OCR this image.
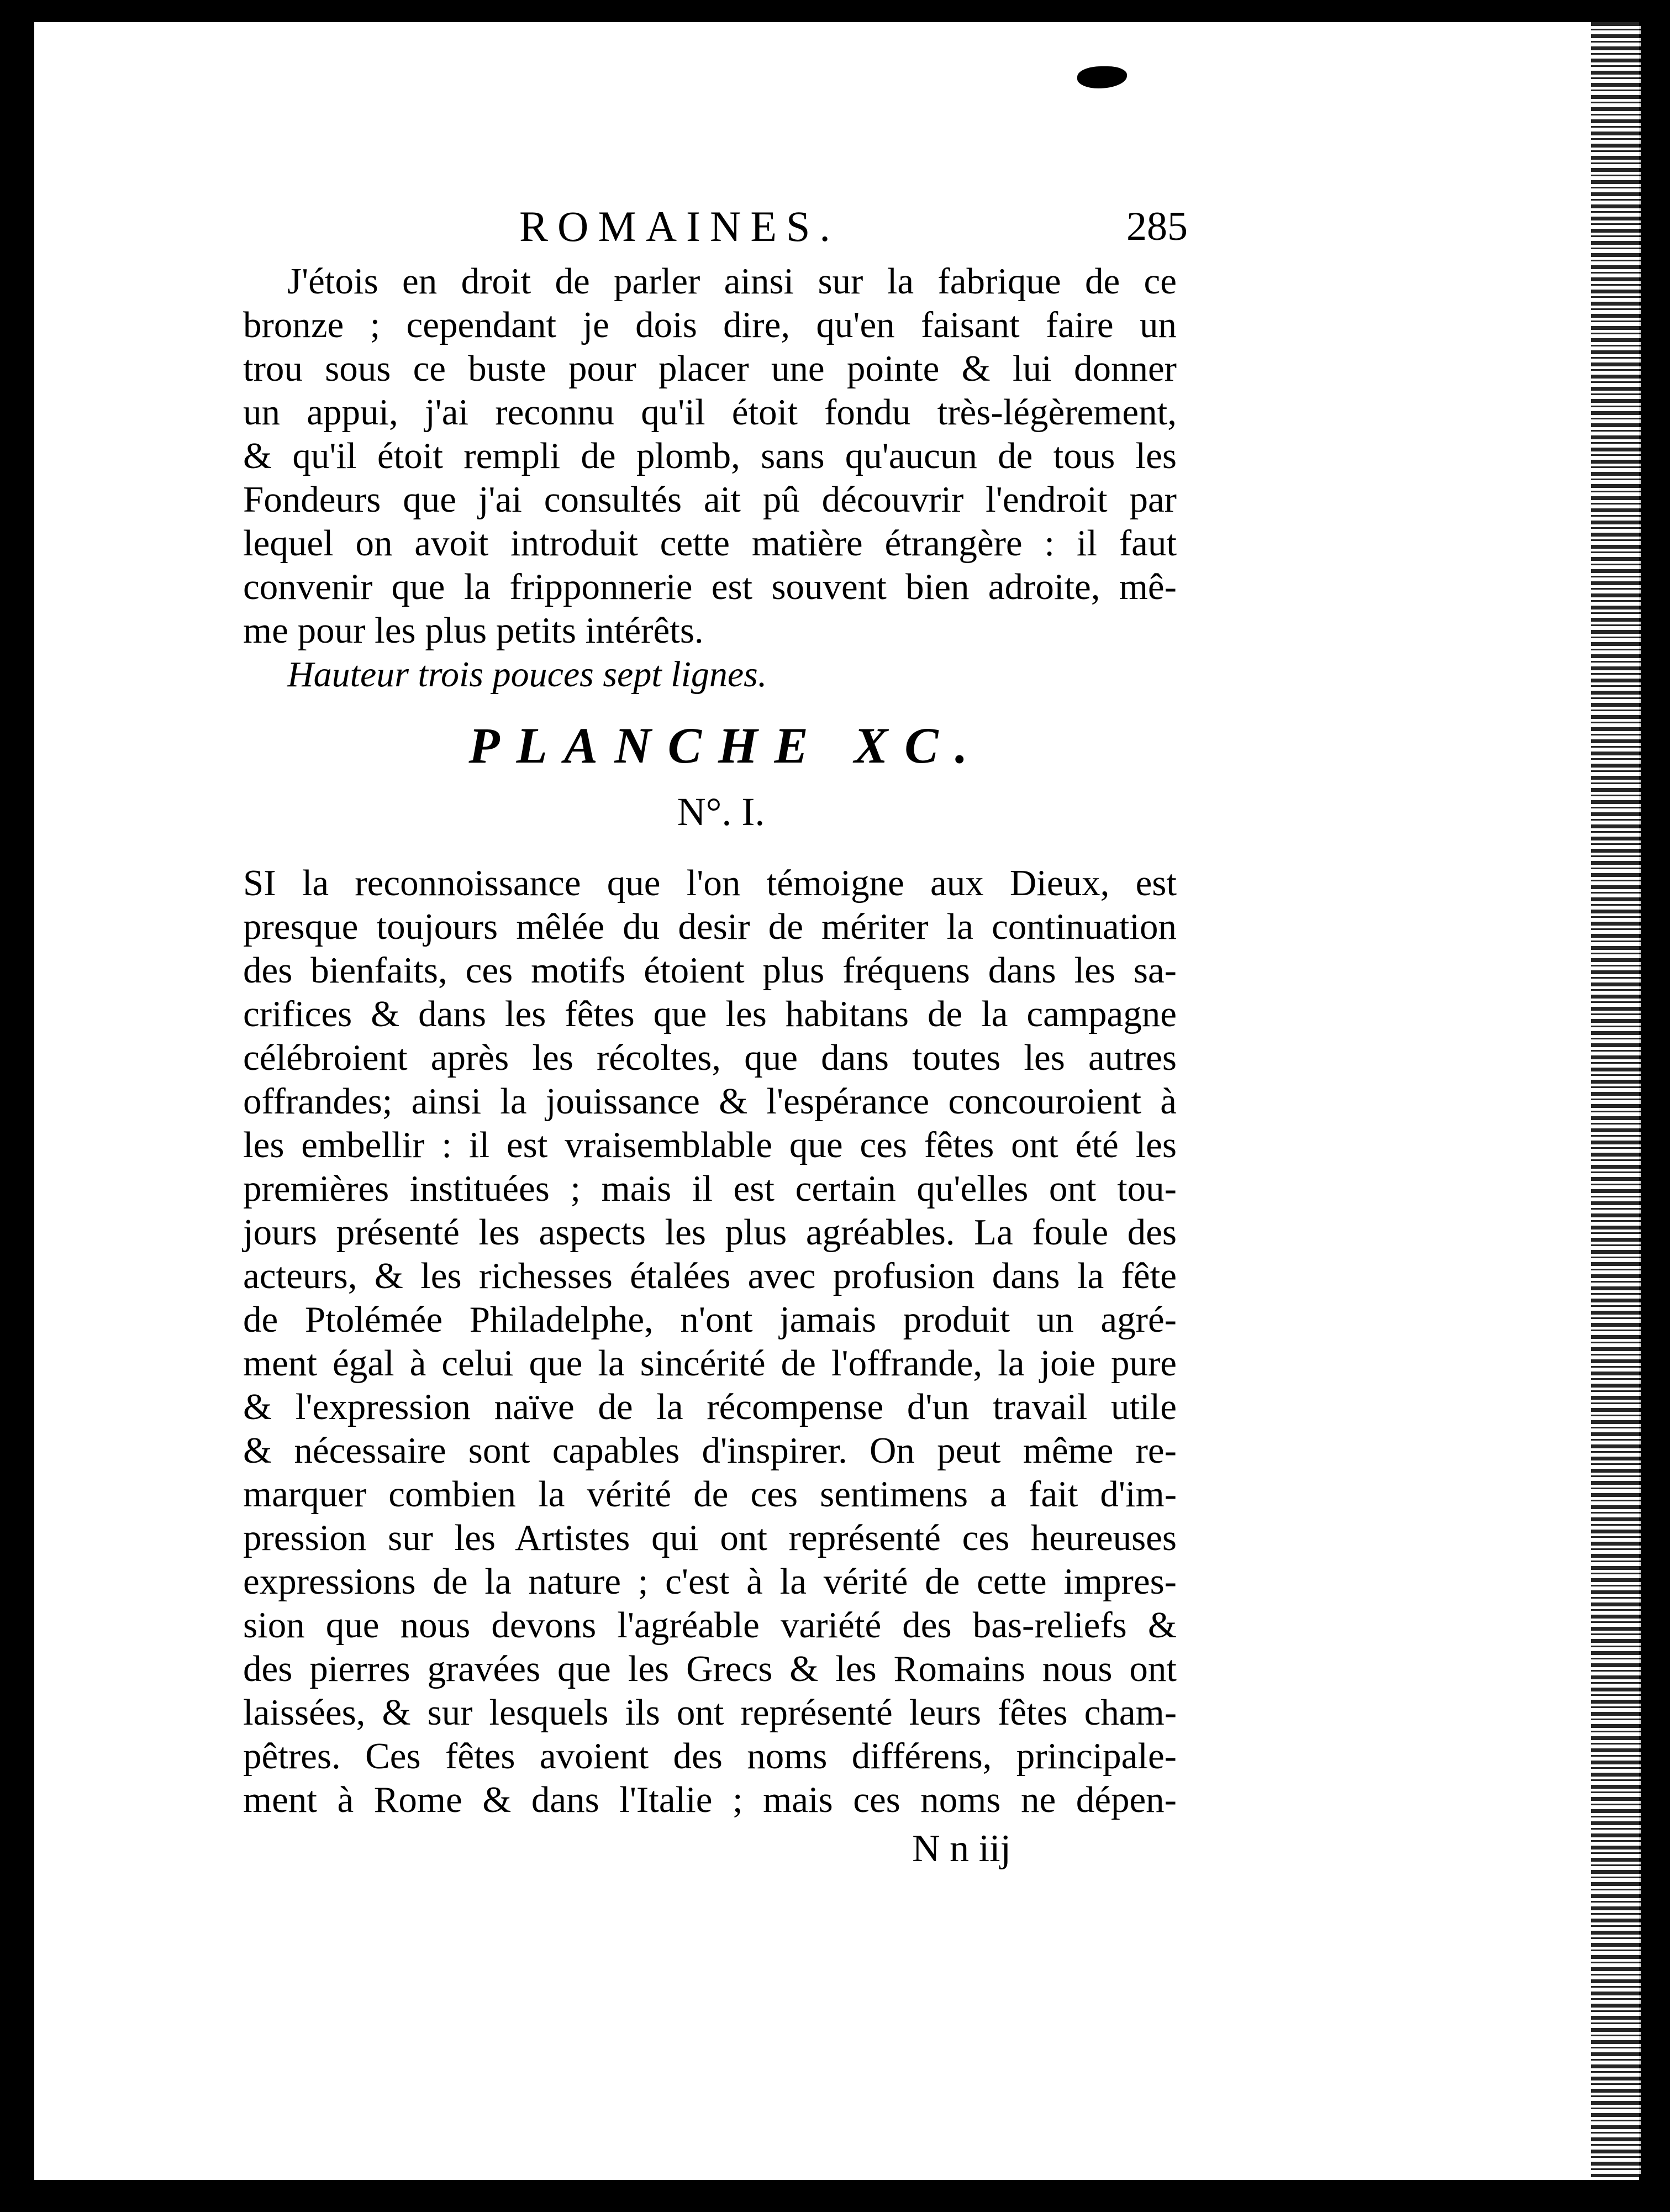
ROMAINES.	285

J'étois en droit de parler ainsi sur la fabrique de ce
bronze ; cependant je dois dire, qu'en faisant faire un
trou sous ce buste pour placer une pointe & lui donner
un appui, j'ai reconnu qu'il étoit fondu très-légèrement,
& qu'il étoit rempli de plomb, sans qu'aucun de tous les
Fondeurs que j'ai consultés ait pû découvrir l'endroit par
lequel on avoit introduit cette matière étrangère : il faut
convenir que la fripponnerie est souvent bien adroite, mê-
me pour les plus petits intérêts.

Hauteur trois pouces sept lignes.

PLANCHE XC.
N°. I.

SI la reconnoissance que l'on témoigne aux Dieux, est
presque toujours mêlée du desir de mériter la continuation
des bienfaits, ces motifs étoient plus fréquens dans les sa-
crifices & dans les fêtes que les habitans de la campagne
célébroient après les récoltes, que dans toutes les autres
offrandes; ainsi la jouissance & l'espérance concouroient à
les embellir : il est vraisemblable que ces fêtes ont été les
premières instituées ; mais il est certain qu'elles ont tou-
jours présenté les aspects les plus agréables. La foule des
acteurs, & les richesses étalées avec profusion dans la fête
de Ptolémée Philadelphe, n'ont jamais produit un agré-
ment égal à celui que la sincérité de l'offrande, la joie pure
& l'expression naïve de la récompense d'un travail utile
& nécessaire sont capables d'inspirer. On peut même re-
marquer combien la vérité de ces sentimens a fait d'im-
pression sur les Artistes qui ont représenté ces heureuses
expressions de la nature ; c'est à la vérité de cette impres-
sion que nous devons l'agréable variété des bas-reliefs &
des pierres gravées que les Grecs & les Romains nous ont
laissées, & sur lesquels ils ont représenté leurs fêtes cham-
pêtres. Ces fêtes avoient des noms différens, principale-
ment à Rome & dans l'Italie ; mais ces noms ne dépen-

N n iij
